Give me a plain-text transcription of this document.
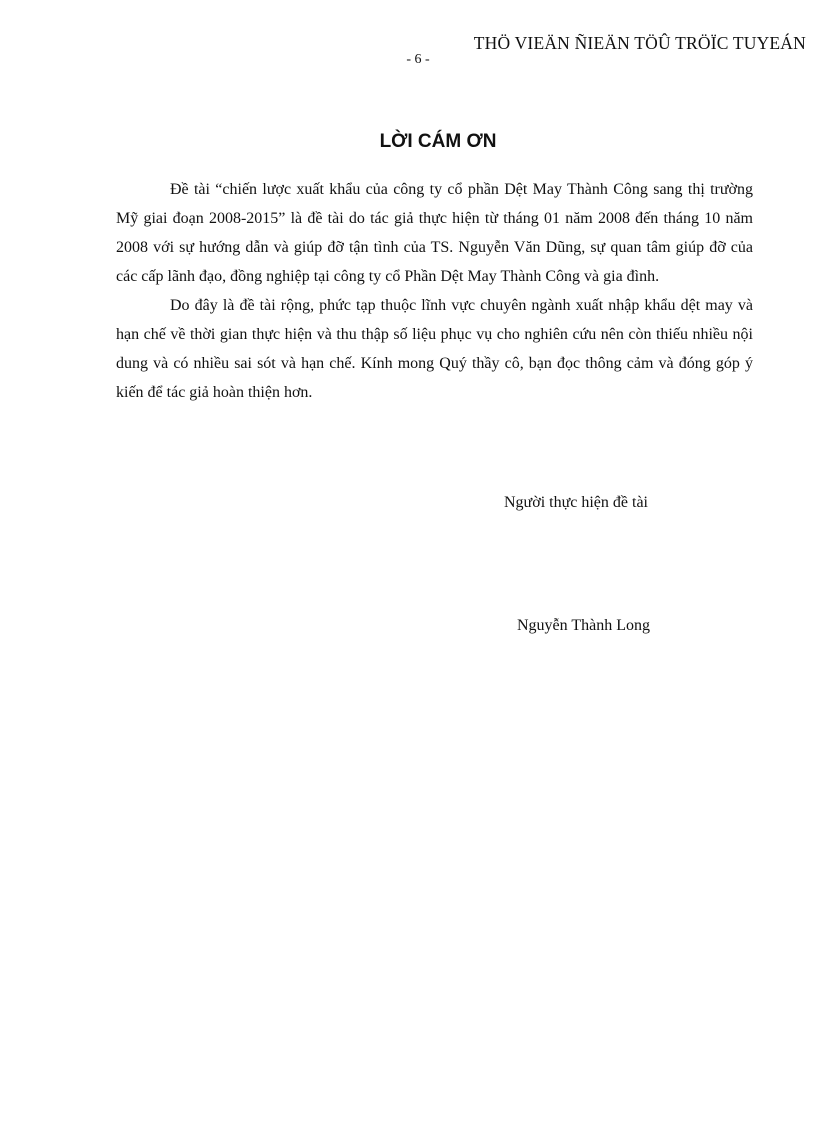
THÖ VIEÄN ÑIEÄN TÖÛ TRÖÏC TUYEÁN
- 6 -
LỜI CÁM ƠN

Đề tài “chiến lược xuất khẩu của công ty cổ phần Dệt May Thành Công sang thị trường Mỹ giai đoạn 2008-2015” là đề tài do tác giả thực hiện từ tháng 01 năm 2008 đến tháng 10 năm 2008 với sự hướng dẫn và giúp đỡ tận tình của TS. Nguyễn Văn Dũng, sự quan tâm giúp đỡ của các cấp lãnh đạo, đồng nghiệp tại công ty cổ Phần Dệt May Thành Công và gia đình.

Do đây là đề tài rộng, phức tạp thuộc lĩnh vực chuyên ngành xuất nhập khẩu dệt may và hạn chế về thời gian thực hiện và thu thập số liệu phục vụ cho nghiên cứu nên còn thiếu nhiều nội dung và có nhiều sai sót và hạn chế. Kính mong Quý thầy cô, bạn đọc thông cảm và đóng góp ý kiến để tác giả hoàn thiện hơn.

Người thực hiện đề tài
Nguyễn Thành Long
